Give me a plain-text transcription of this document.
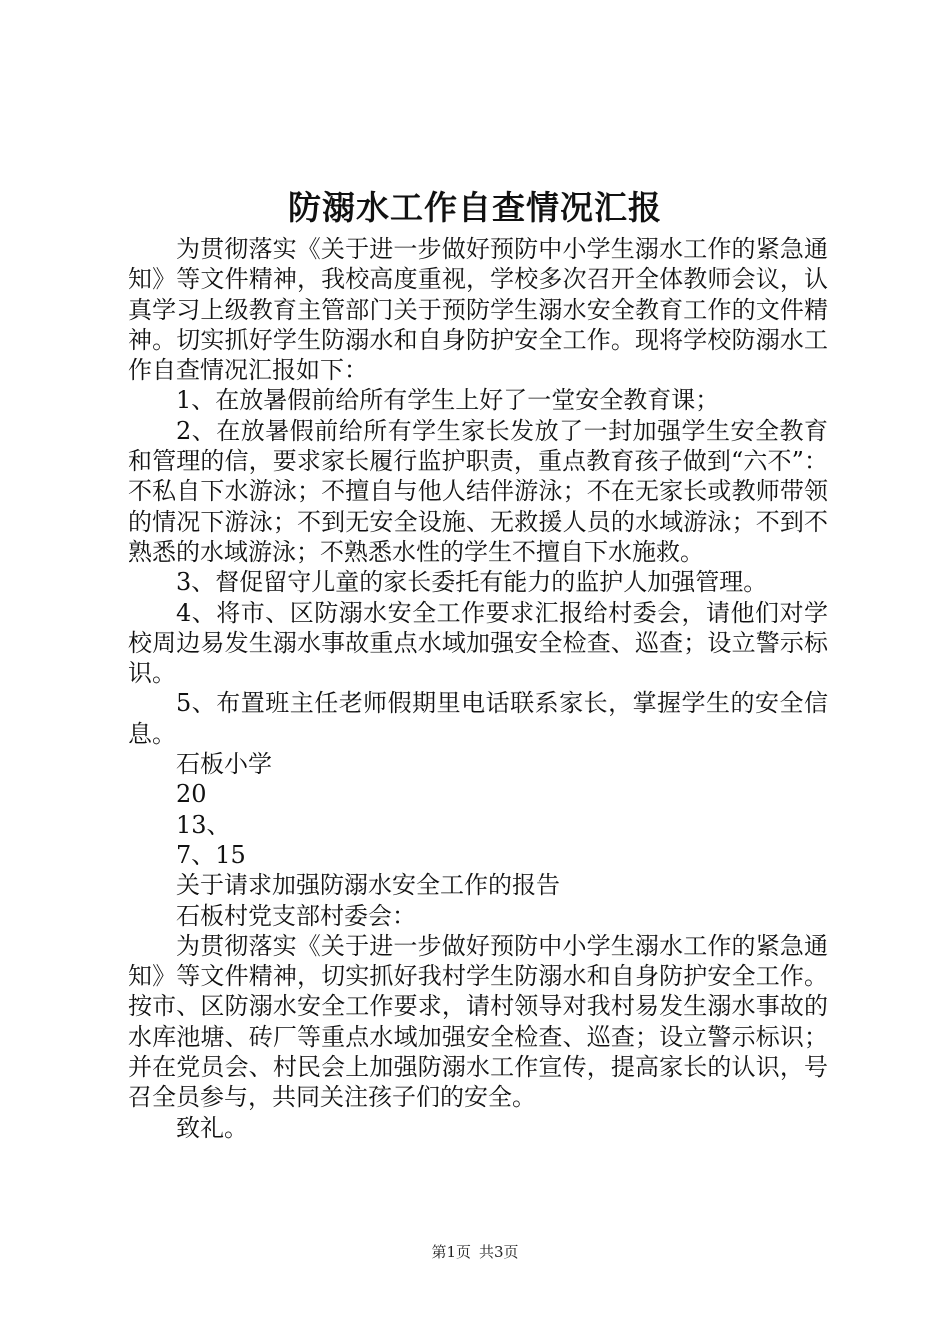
防溺水工作自查情况汇报

为贯彻落实《关于进一步做好预防中小学生溺水工作的紧急通知》等文件精神，我校高度重视，学校多次召开全体教师会议，认真学习上级教育主管部门关于预防学生溺水安全教育工作的文件精神。切实抓好学生防溺水和自身防护安全工作。现将学校防溺水工作自查情况汇报如下：

1、在放暑假前给所有学生上好了一堂安全教育课；

2、在放暑假前给所有学生家长发放了一封加强学生安全教育和管理的信，要求家长履行监护职责，重点教育孩子做到“六不”：不私自下水游泳；不擅自与他人结伴游泳；不在无家长或教师带领的情况下游泳；不到无安全设施、无救援人员的水域游泳；不到不熟悉的水域游泳；不熟悉水性的学生不擅自下水施救。

3、督促留守儿童的家长委托有能力的监护人加强管理。

4、将市、区防溺水安全工作要求汇报给村委会，请他们对学校周边易发生溺水事故重点水域加强安全检查、巡查；设立警示标识。

5、布置班主任老师假期里电话联系家长，掌握学生的安全信息。

石板小学

20

13、

7、15

关于请求加强防溺水安全工作的报告

石板村党支部村委会：

为贯彻落实《关于进一步做好预防中小学生溺水工作的紧急通知》等文件精神，切实抓好我村学生防溺水和自身防护安全工作。按市、区防溺水安全工作要求，请村领导对我村易发生溺水事故的水库池塘、砖厂等重点水域加强安全检查、巡查；设立警示标识；并在党员会、村民会上加强防溺水工作宣传，提高家长的认识，号召全员参与，共同关注孩子们的安全。

致礼。

第1页 共3页
